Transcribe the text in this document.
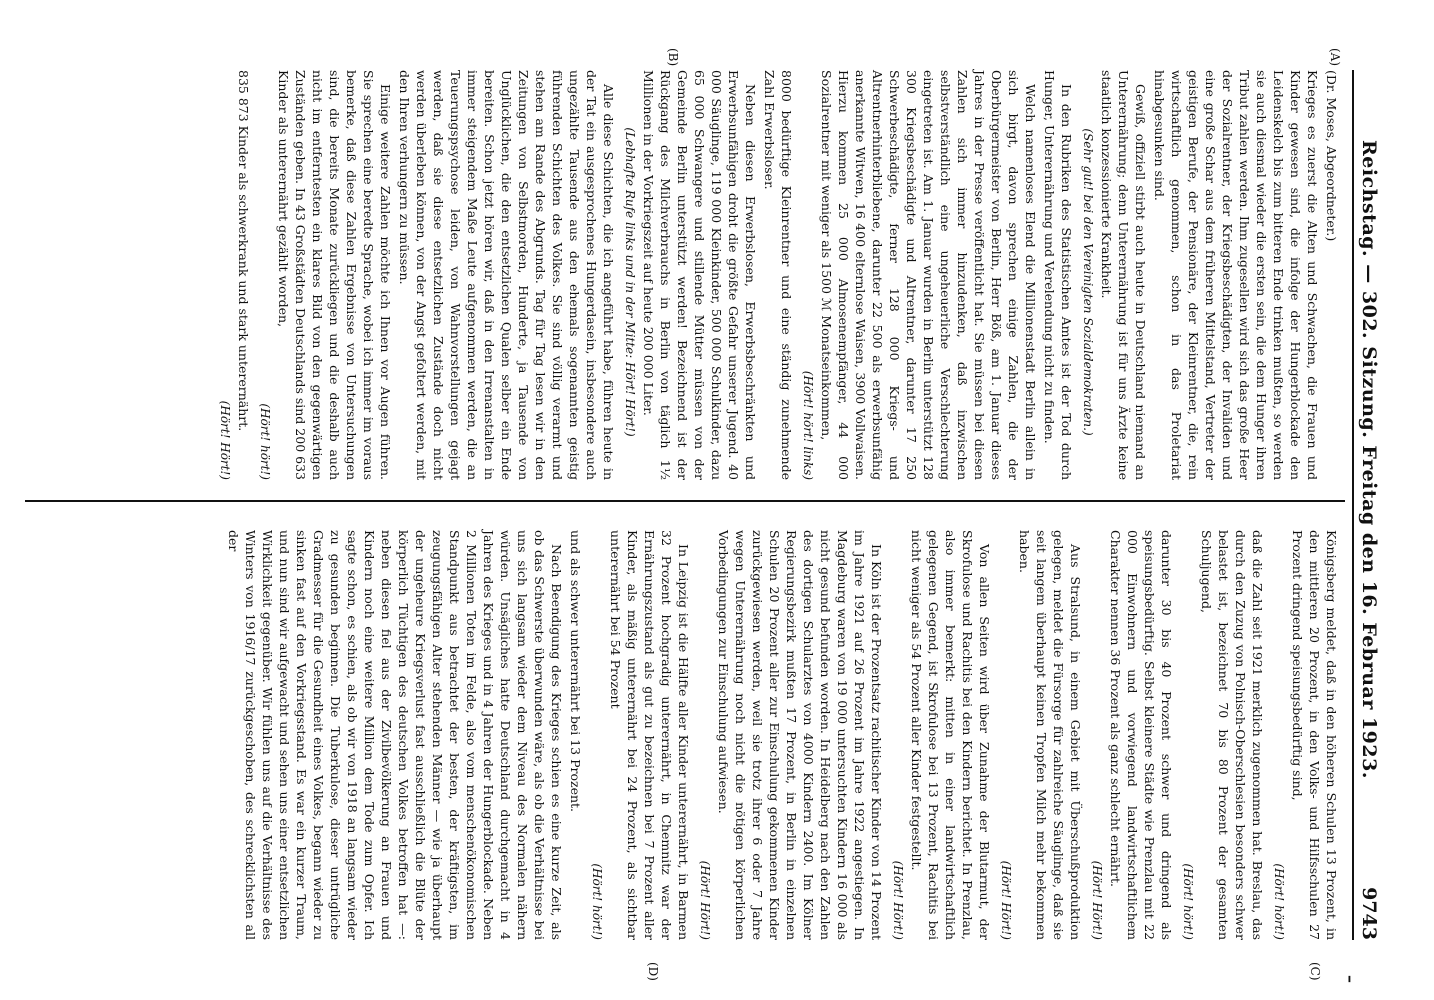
Reichstag. — 302. Sitzung. Freitag den 16. Februar 1923.
9743
–
(A)
(B)
(C)
(D)

(Dr. Moses, Abgeordneter.)

Krieges es zuerst die Alten und Schwachen, die Frauen und Kinder gewesen sind, die infolge der Hungerblockade den Leidenskelch bis zum bitteren Ende trinken mußten, so werden sie auch diesmal wieder die ersten sein, die dem Hunger ihren Tribut zahlen werden. Ihm zugesellen wird sich das große Heer der Sozialrentner, der Kriegsbeschädigten, der Invaliden und eine große Schar aus dem früheren Mittelstand, Vertreter der geistigen Berufe, der Pensionäre, der Kleinrentner, die, rein wirtschaftlich genommen, schon in das Proletariat hinabgesunken sind.

Gewiß, offiziell stirbt auch heute in Deutschland niemand an Unterernährung; denn Unterernährung ist für uns Ärzte keine staatlich konzessionierte Krankheit.

(Sehr gut! bei den Vereinigten Sozialdemokraten.)

In den Rubriken des Statistischen Amtes ist der Tod durch Hunger, Unterernährung und Verelendung nicht zu finden.

Welch namenloses Elend die Millionenstadt Berlin allein in sich birgt, davon sprechen einige Zahlen, die der Oberbürgermeister von Berlin, Herr Böß, am 1. Januar dieses Jahres in der Presse veröffentlicht hat. Sie müssen bei diesen Zahlen sich immer hinzudenken, daß inzwischen selbstverständlich eine ungeheuerliche Verschlechterung eingetreten ist. Am 1. Januar wurden in Berlin unterstützt 128 300 Kriegsbeschädigte und Altrentner, darunter 17 250 Schwerbeschädigte, ferner 128 000 Kriegs- und Altrentnerhinterbliebene, darunter 22 500 als erwerbsunfähig anerkannte Witwen, 16 400 elternlose Waisen, 3900 Vollwaisen. Hierzu kommen 25 000 Almosenempfänger, 44 000 Sozialrentner mit weniger als 1500 ℳ Monatseinkommen,

(Hört! hört! links)

8000 bedürftige Kleinrentner und eine ständig zunehmende Zahl Erwerbsloser.

Neben diesen Erwerbslosen, Erwerbsbeschränkten und Erwerbsunfähigen droht die größte Gefahr unserer Jugend. 40 000 Säuglinge, 119 000 Kleinkinder, 500 000 Schulkinder, dazu 65 000 Schwangere und stillende Mütter müssen von der Gemeinde Berlin unterstützt werden! Bezeichnend ist der Rückgang des Milchverbrauchs in Berlin von täglich 1½ Millionen in der Vorkriegszeit auf heute 200 000 Liter.

(Lebhafte Rufe links und in der Mitte: Hört! Hört!)

Alle diese Schichten, die ich angeführt habe, führen heute in der Tat ein ausgesprochenes Hungerdasein, insbesondere auch ungezählte Tausende aus den ehemals sogenannten geistig führenden Schichten des Volkes. Sie sind völlig verarmt und stehen am Rande des Abgrunds. Tag für Tag lesen wir in den Zeitungen von Selbstmorden, Hunderte, ja Tausende von Unglücklichen, die den entsetzlichen Qualen selber ein Ende bereiten. Schon jetzt hören wir, daß in den Irrenanstalten in immer steigendem Maße Leute aufgenommen werden, die an Teuerungspsychose leiden, von Wahnvorstellungen gejagt werden, daß sie diese entsetzlichen Zustände doch nicht werden überleben können, von der Angst gefoltert werden, mit den Ihren verhungern zu müssen.

Einige weitere Zahlen möchte ich Ihnen vor Augen führen. Sie sprechen eine beredte Sprache, wobei ich immer im voraus bemerke, daß diese Zahlen Ergebnisse von Untersuchungen sind, die bereits Monate zurückliegen und die deshalb auch nicht im entferntesten ein klares Bild von den gegenwärtigen Zuständen geben. In 43 Großstädten Deutschlands sind 200 633 Kinder als unterernährt gezählt worden,

(Hört! hört!)

835 873 Kinder als schwerkrank und stark unterernährt.

(Hört! Hört!)

Königsberg meldet, daß in den höheren Schulen 13 Prozent, in den mittleren 20 Prozent, in den Volks- und Hilfsschulen 27 Prozent dringend speisungsbedürftig sind,

(Hört! hört!)

daß die Zahl seit 1921 merklich zugenommen hat. Breslau, das durch den Zuzug von Polnisch-Oberschlesien besonders schwer belastet ist, bezeichnet 70 bis 80 Prozent der gesamten Schuljugend,

(Hört! hört!)

darunter 30 bis 40 Prozent schwer und dringend als speisungsbedürftig. Selbst kleinere Städte wie Prenzlau mit 22 000 Einwohnern und vorwiegend landwirtschaftlichem Charakter nennen 36 Prozent als ganz schlecht ernährt.

(Hört! Hört!)

Aus Stralsund, in einem Gebiet mit Überschußproduktion gelegen, meldet die Fürsorge für zahlreiche Säuglinge, daß sie seit langem überhaupt keinen Tropfen Milch mehr bekommen haben.

(Hört! Hört!)

Von allen Seiten wird über Zunahme der Blutarmut, der Skrofulose und Rachitis bei den Kindern berichtet. In Prenzlau, also immer bemerkt: mitten in einer landwirtschaftlich gelegenen Gegend, ist Skrofulose bei 13 Prozent, Rachitis bei nicht weniger als 54 Prozent aller Kinder festgestellt.

(Hört! Hört!)

In Köln ist der Prozentsatz rachitischer Kinder von 14 Prozent im Jahre 1921 auf 26 Prozent im Jahre 1922 angestiegen. In Magdeburg waren von 19 000 untersuchten Kindern 16 000 als nicht gesund befunden worden. In Heidelberg nach den Zahlen des dortigen Schularztes von 4000 Kindern 2400. Im Kölner Regierungsbezirk mußten 17 Prozent, in Berlin in einzelnen Schulen 20 Prozent aller zur Einschulung gekommenen Kinder zurückgewiesen werden, weil sie trotz ihrer 6 oder 7 Jahre wegen Unterernährung noch nicht die nötigen körperlichen Vorbedingungen zur Einschulung aufwiesen.

(Hört! Hört!)

In Leipzig ist die Hälfte aller Kinder unterernährt, in Barmen 32 Prozent hochgradig unterernährt, in Chemnitz war der Ernährungszustand als gut zu bezeichnen bei 7 Prozent aller Kinder, als mäßig unterernährt bei 24 Prozent, als sichtbar unterernährt bei 54 Prozent

(Hört! hört!)

und als schwer unterernährt bei 13 Prozent.

Nach Beendigung des Krieges schien es eine kurze Zeit, als ob das Schwerste überwunden wäre, als ob die Verhältnisse bei uns sich langsam wieder dem Niveau des Normalen nähern würden. Unsägliches hatte Deutschland durchgemacht in 4 Jahren des Krieges und in 4 Jahren der Hungerblockade. Neben 2 Millionen Toten im Felde, also vom menschenökonomischen Standpunkt aus betrachtet der besten, der kräftigsten, im zeugungsfähigen Alter stehenden Männer — wie ja überhaupt der ungeheure Kriegsverlust fast ausschließlich die Blüte der körperlich Tüchtigen des deutschen Volkes betroffen hat —: neben diesen fiel aus der Zivilbevölkerung an Frauen und Kindern noch eine weitere Million dem Tode zum Opfer. Ich sagte schon, es schien, als ob wir von 1918 an langsam wieder zu gesunden beginnen. Die Tuberkulose, dieser untrügliche Gradmesser für die Gesundheit eines Volkes, begann wieder zu sinken fast auf den Vorkriegsstand. Es war ein kurzer Traum, und nun sind wir aufgewacht und sehen uns einer entsetzlichen Wirklichkeit gegenüber. Wir fühlen uns auf die Verhältnisse des Winters von 1916/17 zurückgeschoben, des schrecklichsten all der
